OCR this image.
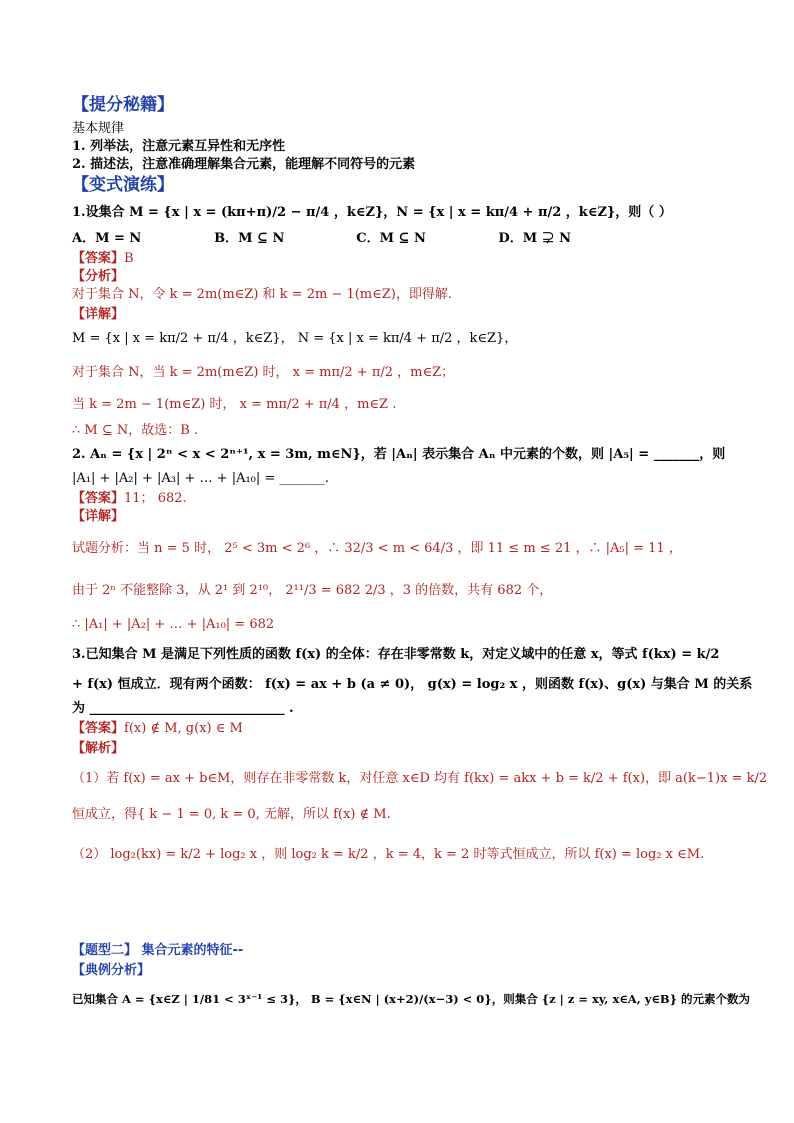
【提分秘籍】
基本规律
1. 列举法，注意元素互异性和无序性
2. 描述法，注意准确理解集合元素，能理解不同符号的元素
【变式演练】
1.设集合 M = {x | x = (kπ+π)/2 − π/4 ，k∈Z}，N = {x | x = kπ/4 + π/2 ，k∈Z}，则（ ）
A．M = N	B．M ⊆ N	C．M ⊆ N	D．M ⊋ N
【答案】B
【分析】
对于集合 N，令 k = 2m(m∈Z) 和 k = 2m − 1(m∈Z)，即得解.
【详解】
M = {x | x = kπ/2 + π/4 ，k∈Z}， N = {x | x = kπ/4 + π/2 ，k∈Z}，
对于集合 N，当 k = 2m(m∈Z) 时， x = mπ/2 + π/2 ，m∈Z；
当 k = 2m − 1(m∈Z) 时， x = mπ/2 + π/4 ，m∈Z .
∴ M ⊆ N，故选：B .
2. Aₙ = {x | 2ⁿ < x < 2ⁿ⁺¹, x = 3m, m∈N}，若 |Aₙ| 表示集合 Aₙ 中元素的个数，则 |A₅| = _______，则
|A₁| + |A₂| + |A₃| + … + |A₁₀| = _______.
【答案】11； 682.
【详解】
试题分析：当 n = 5 时， 2⁵ < 3m < 2⁶ ，∴ 32/3 < m < 64/3 ，即 11 ≤ m ≤ 21 ，∴ |A₅| = 11 ，
由于 2ⁿ 不能整除 3，从 2¹ 到 2¹⁰， 2¹¹/3 = 682 2/3 ，3 的倍数，共有 682 个，
∴ |A₁| + |A₂| + … + |A₁₀| = 682
3.已知集合 M 是满足下列性质的函数 f(x) 的全体：存在非零常数 k，对定义域中的任意 x，等式 f(kx) = k/2
+ f(x) 恒成立．现有两个函数： f(x) = ax + b (a ≠ 0)， g(x) = log₂ x ，则函数 f(x)、g(x) 与集合 M 的关系
为 ______________________________ .
【答案】f(x) ∉ M, g(x) ∈ M
【解析】
（1）若 f(x) = ax + b∈M，则存在非零常数 k，对任意 x∈D 均有 f(kx) = akx + b = k/2 + f(x)，即 a(k−1)x = k/2
恒成立，得{ k − 1 = 0, k = 0, 无解，所以 f(x) ∉ M.
（2） log₂(kx) = k/2 + log₂ x ，则 log₂ k = k/2 ，k = 4，k = 2 时等式恒成立，所以 f(x) = log₂ x ∈M.
【题型二】 集合元素的特征--
【典例分析】
已知集合 A = {x∈Z | 1/81 < 3ˣ⁻¹ ≤ 3}， B = {x∈N | (x+2)/(x−3) < 0}，则集合 {z | z = xy, x∈A, y∈B} 的元素个数为
